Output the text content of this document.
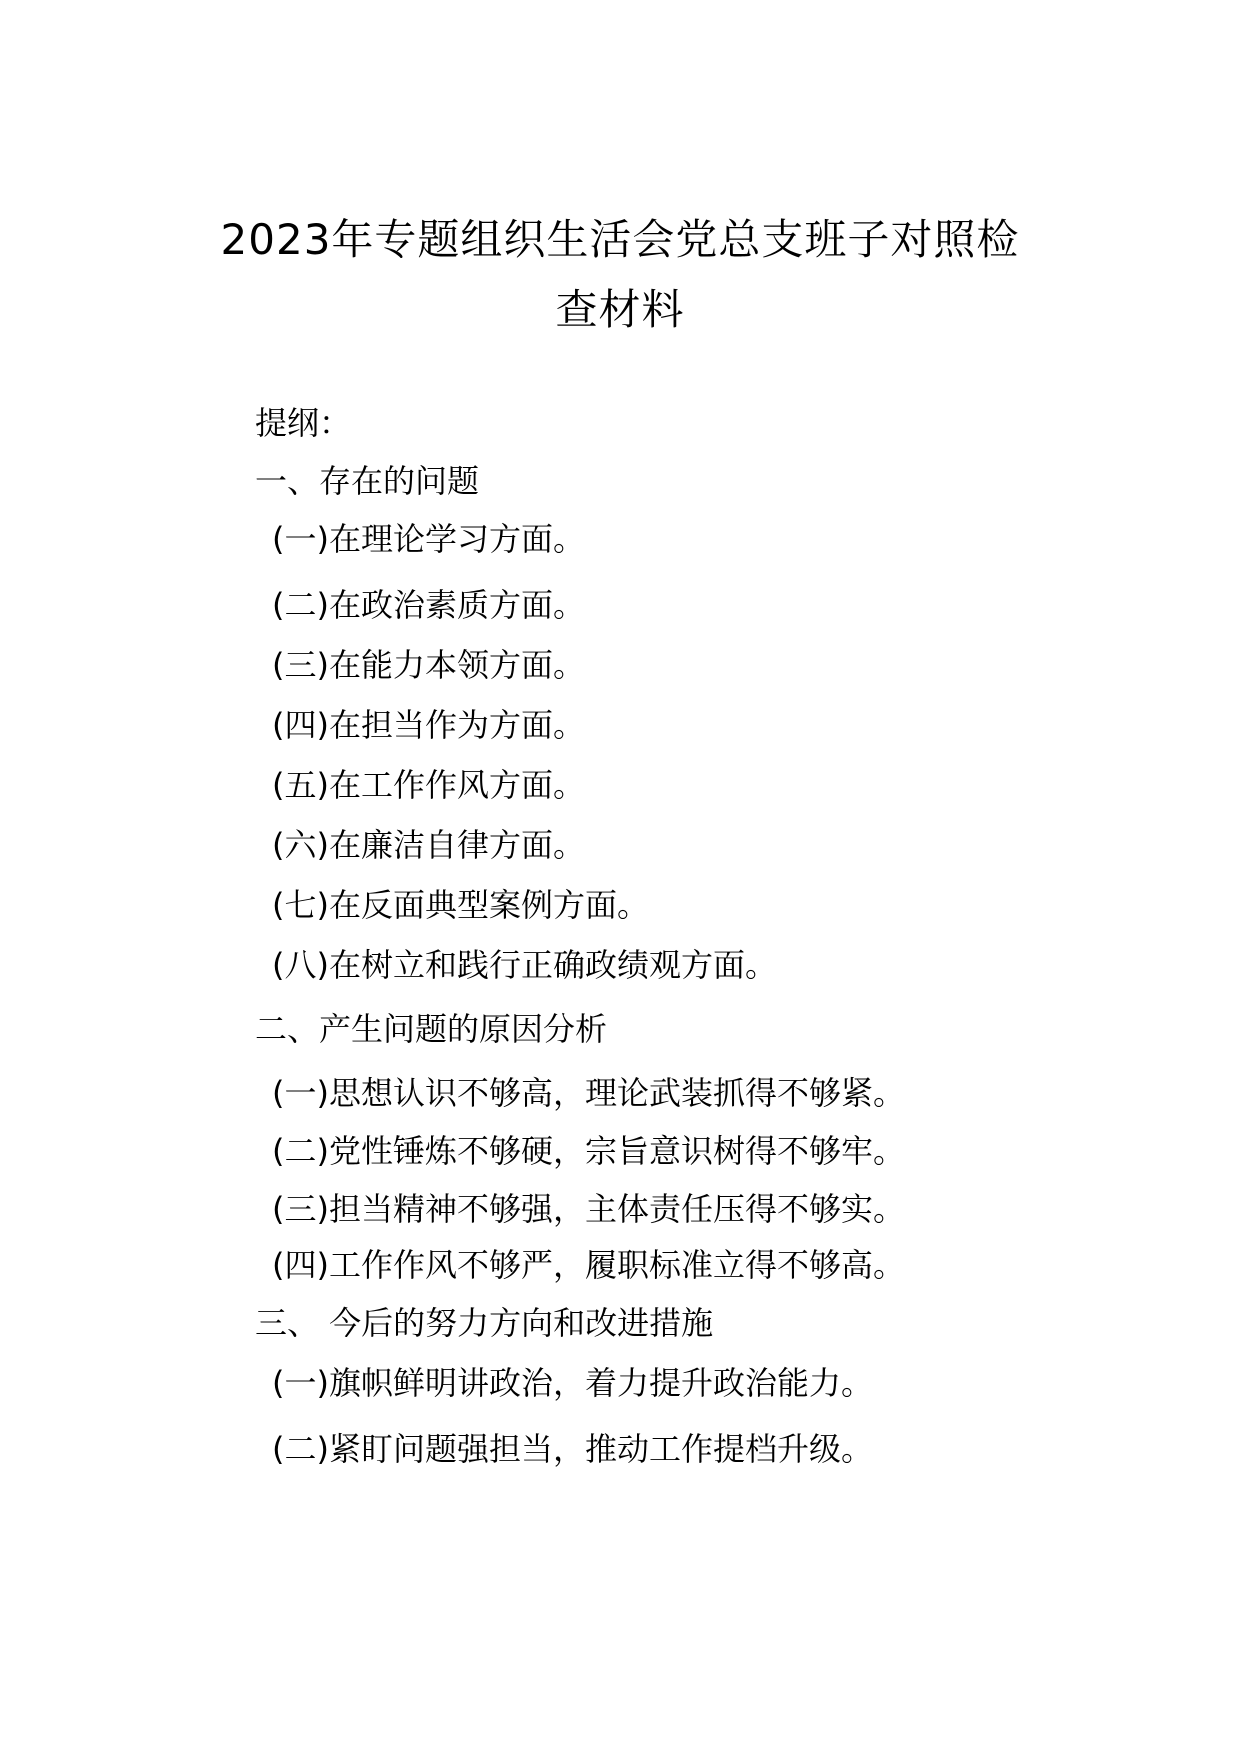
2023年专题组织生活会党总支班子对照检
查材料
提纲：
一、存在的问题
(一)在理论学习方面。
(二)在政治素质方面。
(三)在能力本领方面。
(四)在担当作为方面。
(五)在工作作风方面。
(六)在廉洁自律方面。
(七)在反面典型案例方面。
(八)在树立和践行正确政绩观方面。
二、产生问题的原因分析
(一)思想认识不够高，理论武装抓得不够紧。
(二)党性锤炼不够硬，宗旨意识树得不够牢。
(三)担当精神不够强，主体责任压得不够实。
(四)工作作风不够严，履职标准立得不够高。
三、 今后的努力方向和改进措施
(一)旗帜鲜明讲政治，着力提升政治能力。
(二)紧盯问题强担当，推动工作提档升级。
